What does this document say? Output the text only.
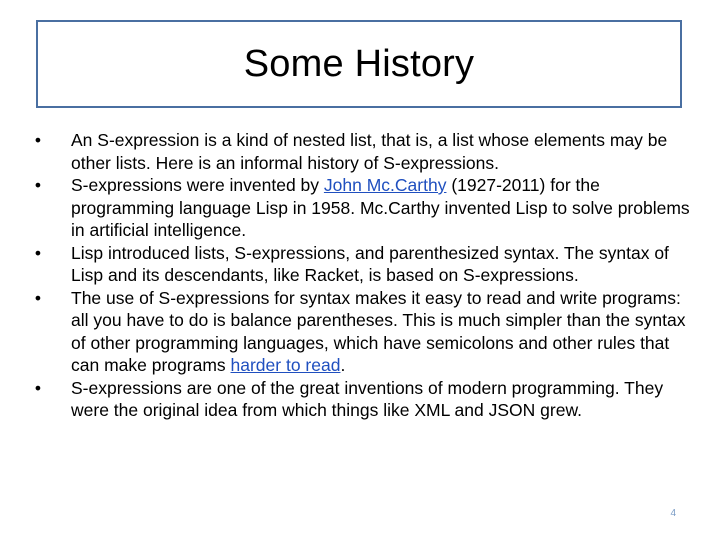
Some History
• An S-expression is a kind of nested list, that is, a list whose elements may be other lists. Here is an informal history of S-expressions.
• S-expressions were invented by John Mc.Carthy (1927-2011) for the programming language Lisp in 1958. Mc.Carthy invented Lisp to solve problems in artificial intelligence.
• Lisp introduced lists, S-expressions, and parenthesized syntax. The syntax of Lisp and its descendants, like Racket, is based on S-expressions.
• The use of S-expressions for syntax makes it easy to read and write programs: all you have to do is balance parentheses. This is much simpler than the syntax of other programming languages, which have semicolons and other rules that can make programs harder to read.
• S-expressions are one of the great inventions of modern programming. They were the original idea from which things like XML and JSON grew.
4
